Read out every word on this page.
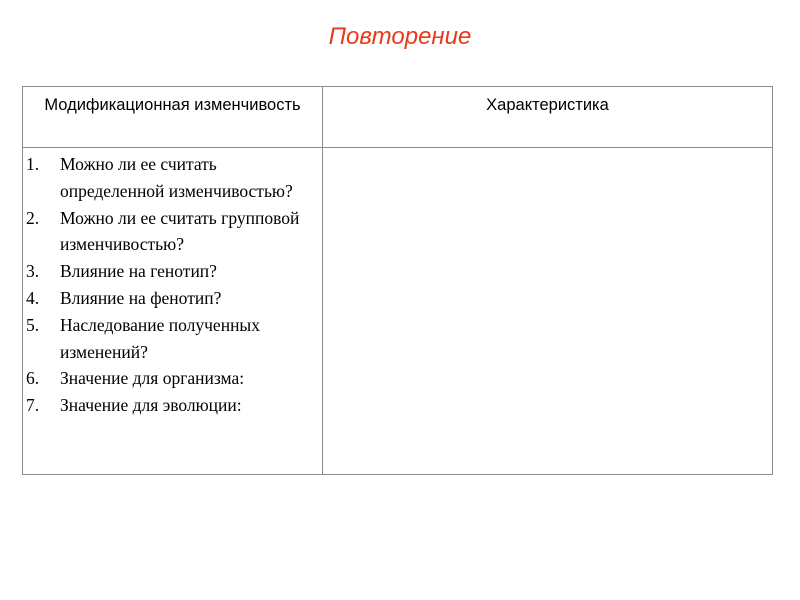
Повторение
Модификационная изменчивость	Характеристика
1. Можно ли ее считать определенной изменчивостью?
2. Можно ли ее считать групповой изменчивостью?
3. Влияние на генотип?
4. Влияние на фенотип?
5. Наследование полученных изменений?
6. Значение для организма:
7. Значение для эволюции:
